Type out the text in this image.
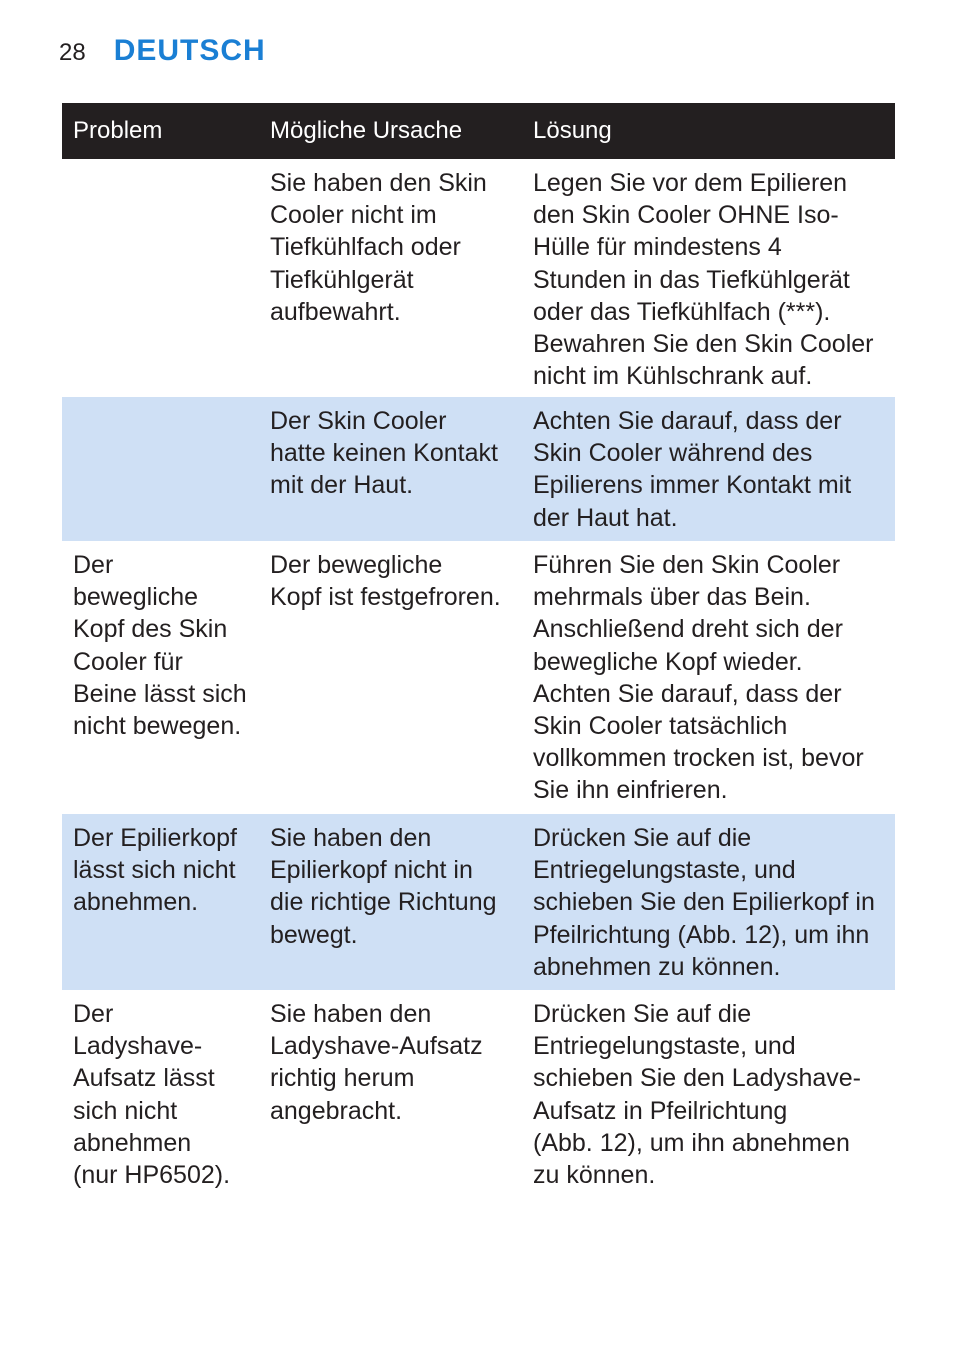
28 DEUTSCH
Problem	Mögliche Ursache	Lösung
Sie haben den Skin
Cooler nicht im
Tiefkühlfach oder
Tiefkühlgerät
aufbewahrt.
Legen Sie vor dem Epilieren
den Skin Cooler OHNE Iso-
Hülle für mindestens 4
Stunden in das Tiefkühlgerät
oder das Tiefkühlfach (***).
Bewahren Sie den Skin Cooler
nicht im Kühlschrank auf.
Der Skin Cooler
hatte keinen Kontakt
mit der Haut.
Achten Sie darauf, dass der
Skin Cooler während des
Epilierens immer Kontakt mit
der Haut hat.
Der
bewegliche
Kopf des Skin
Cooler für
Beine lässt sich
nicht bewegen.
Der bewegliche
Kopf ist festgefroren.
Führen Sie den Skin Cooler
mehrmals über das Bein.
Anschließend dreht sich der
bewegliche Kopf wieder.
Achten Sie darauf, dass der
Skin Cooler tatsächlich
vollkommen trocken ist, bevor
Sie ihn einfrieren.
Der Epilierkopf
lässt sich nicht
abnehmen.
Sie haben den
Epilierkopf nicht in
die richtige Richtung
bewegt.
Drücken Sie auf die
Entriegelungstaste, und
schieben Sie den Epilierkopf in
Pfeilrichtung (Abb. 12), um ihn
abnehmen zu können.
Der
Ladyshave-
Aufsatz lässt
sich nicht
abnehmen
(nur HP6502).
Sie haben den
Ladyshave-Aufsatz
richtig herum
angebracht.
Drücken Sie auf die
Entriegelungstaste, und
schieben Sie den Ladyshave-
Aufsatz in Pfeilrichtung
(Abb. 12), um ihn abnehmen
zu können.
